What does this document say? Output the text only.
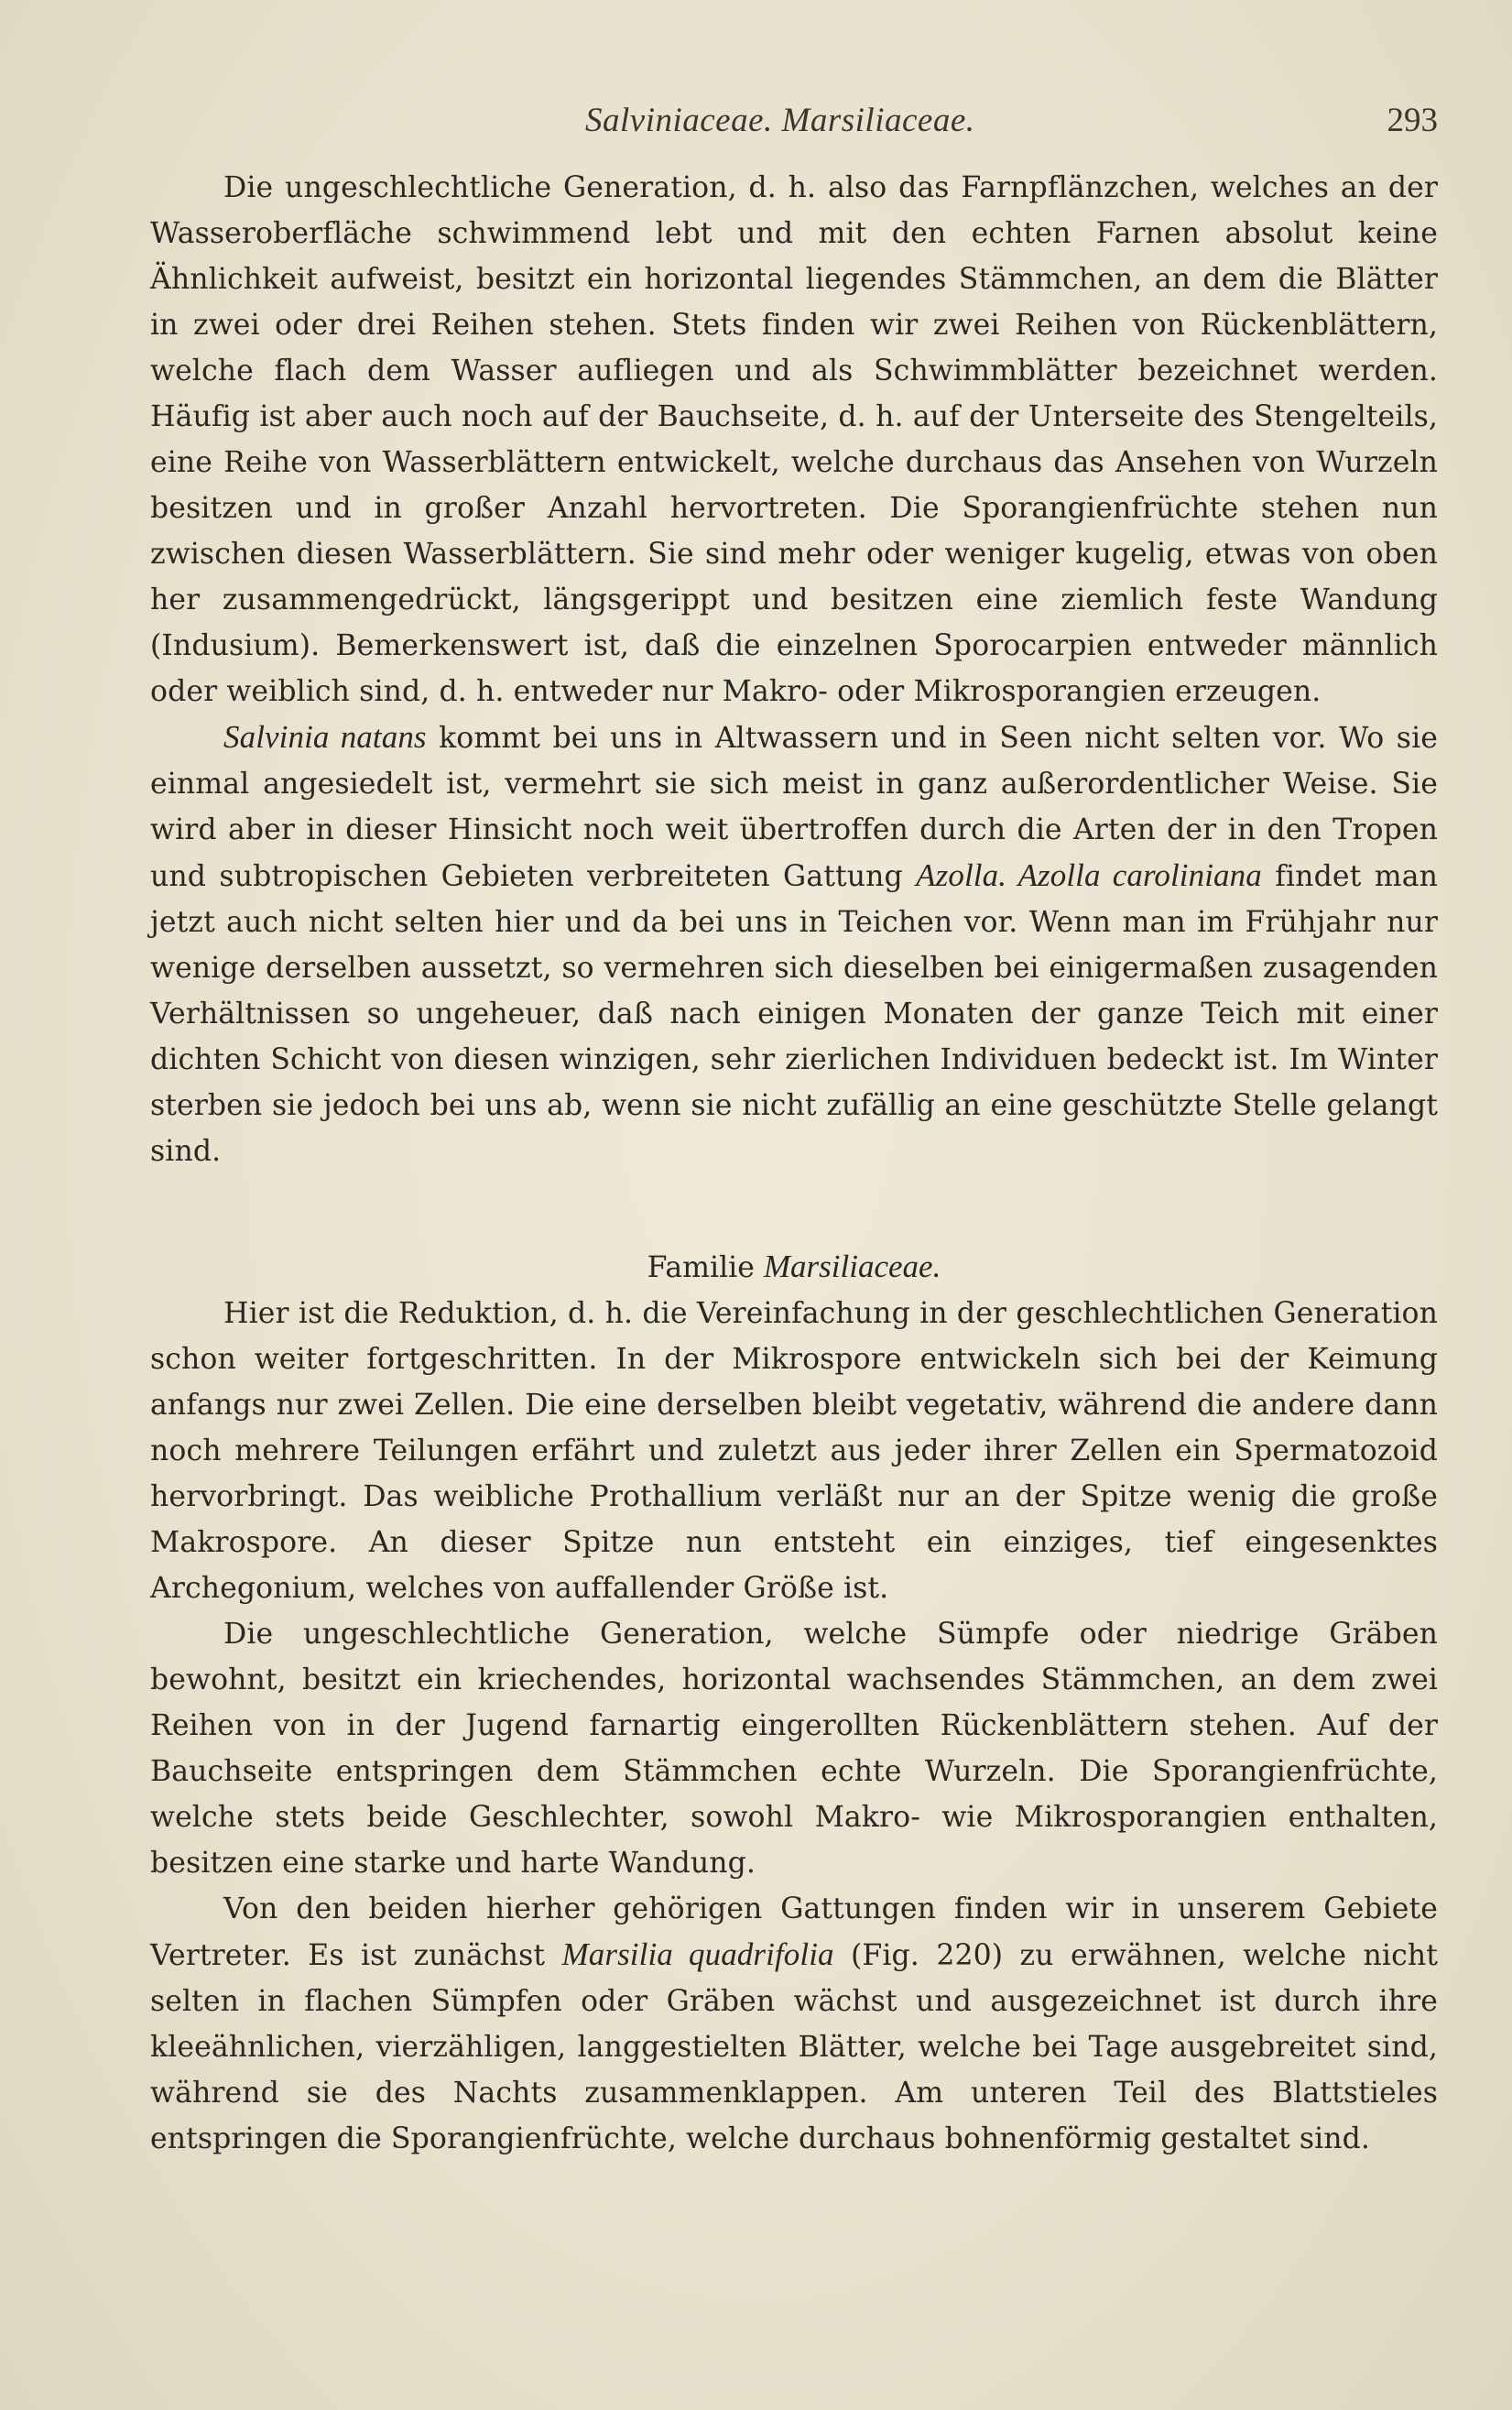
Salviniaceae. Marsiliaceae.	293

Die ungeschlechtliche Generation, d. h. also das Farnpflänzchen, welches an der Wasseroberfläche schwimmend lebt und mit den echten Farnen absolut keine Ähnlichkeit aufweist, besitzt ein horizontal liegendes Stämmchen, an dem die Blätter in zwei oder drei Reihen stehen. Stets finden wir zwei Reihen von Rückenblättern, welche flach dem Wasser aufliegen und als Schwimmblätter bezeichnet werden. Häufig ist aber auch noch auf der Bauchseite, d. h. auf der Unterseite des Stengelteils, eine Reihe von Wasserblättern entwickelt, welche durchaus das Ansehen von Wurzeln besitzen und in großer Anzahl hervortreten. Die Sporangienfrüchte stehen nun zwischen diesen Wasserblättern. Sie sind mehr oder weniger kugelig, etwas von oben her zusammengedrückt, längsgerippt und besitzen eine ziemlich feste Wandung (Indusium). Bemerkenswert ist, daß die einzelnen Sporocarpien entweder männlich oder weiblich sind, d. h. entweder nur Makro- oder Mikrosporangien erzeugen.

Salvinia natans kommt bei uns in Altwassern und in Seen nicht selten vor. Wo sie einmal angesiedelt ist, vermehrt sie sich meist in ganz außerordentlicher Weise. Sie wird aber in dieser Hinsicht noch weit übertroffen durch die Arten der in den Tropen und subtropischen Gebieten verbreiteten Gattung Azolla. Azolla caroliniana findet man jetzt auch nicht selten hier und da bei uns in Teichen vor. Wenn man im Frühjahr nur wenige derselben aussetzt, so vermehren sich dieselben bei einigermaßen zusagenden Verhältnissen so ungeheuer, daß nach einigen Monaten der ganze Teich mit einer dichten Schicht von diesen winzigen, sehr zierlichen Individuen bedeckt ist. Im Winter sterben sie jedoch bei uns ab, wenn sie nicht zufällig an eine geschützte Stelle gelangt sind.

Familie Marsiliaceae.

Hier ist die Reduktion, d. h. die Vereinfachung in der geschlechtlichen Generation schon weiter fortgeschritten. In der Mikrospore entwickeln sich bei der Keimung anfangs nur zwei Zellen. Die eine derselben bleibt vegetativ, während die andere dann noch mehrere Teilungen erfährt und zuletzt aus jeder ihrer Zellen ein Spermatozoid hervorbringt. Das weibliche Prothallium verläßt nur an der Spitze wenig die große Makrospore. An dieser Spitze nun entsteht ein einziges, tief eingesenktes Archegonium, welches von auffallender Größe ist.

Die ungeschlechtliche Generation, welche Sümpfe oder niedrige Gräben bewohnt, besitzt ein kriechendes, horizontal wachsendes Stämmchen, an dem zwei Reihen von in der Jugend farnartig eingerollten Rückenblättern stehen. Auf der Bauchseite entspringen dem Stämmchen echte Wurzeln. Die Sporangienfrüchte, welche stets beide Geschlechter, sowohl Makro- wie Mikrosporangien enthalten, besitzen eine starke und harte Wandung.

Von den beiden hierher gehörigen Gattungen finden wir in unserem Gebiete Vertreter. Es ist zunächst Marsilia quadrifolia (Fig. 220) zu erwähnen, welche nicht selten in flachen Sümpfen oder Gräben wächst und ausgezeichnet ist durch ihre kleeähnlichen, vierzähligen, langgestielten Blätter, welche bei Tage ausgebreitet sind, während sie des Nachts zusammenklappen. Am unteren Teil des Blattstieles entspringen die Sporangienfrüchte, welche durchaus bohnenförmig gestaltet sind.
